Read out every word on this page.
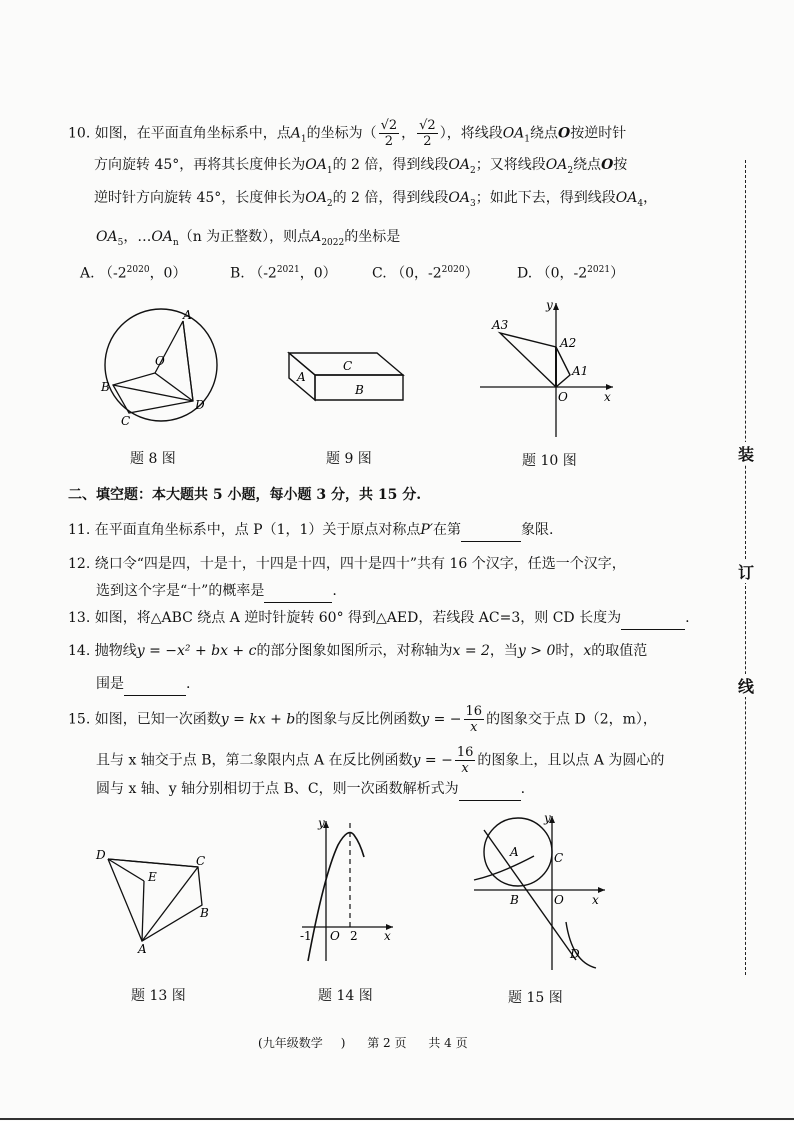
10. 如图，在平面直角坐标系中，点$A_1$的坐标为（ $\frac{√2}{2}$ ， $\frac{√2}{2}$ ），将线段$OA_1$绕点O按逆时针
方向旋转 45°，再将其长度伸长为$OA_1$的 2 倍，得到线段$OA_2$；又将线段$OA_2$绕点O按
逆时针方向旋转 45°，长度伸长为$OA_2$的 2 倍，得到线段$OA_3$；如此下去，得到线段$OA_4$，
$OA_5$，$\dots OA_n(n$ 为正整数），则点$A_{2022}$的坐标是
A. （$-2^{2020}$，0）	B. （$-2^{2021}$，0）	C. （0，$-2^{2020}$）	D. （0，$-2^{2021}$）
A
O
B
C
D
题 8 图
C
A
B
题 9 图
y
A3
A2
A1
O	x
题 10 图
二、填空题：本大题共 5 小题，每小题 3 分，共 15 分.
11. 在平面直角坐标系中，点 P（1，1）关于原点对称点P′在第	象限.
12. 绕口令“四是四，十是十，十四是十四，四十是四十”共有 16 个汉字，任选一个汉字，
选到这个字是“十”的概率是	.
13. 如图，将△ABC 绕点 A 逆时针旋转 60° 得到△AED，若线段 AC=3，则 CD 长度为	.
14. 抛物线y = −x² + bx + c的部分图象如图所示，对称轴为x = 2，当y > 0时，x的取值范
围是	.
15. 如图，已知一次函数y = kx + b的图象与反比例函数y = − $\frac{16}{x}$ 的图象交于点 D（2，m），
且与 x 轴交于点 B，第二象限内点 A 在反比例函数y = − $\frac{16}{x}$ 的图象上，且以点 A 为圆心的
圆与 x 轴、y 轴分别相切于点 B、C，则一次函数解析式为	.
D	C
E
B
A
题 13 图
y
-1 O 2 x
题 14 图
y
A	C
B	O x
D
题 15 图
装
订
线
(九年级数学 ) 第 2 页 共 4 页
